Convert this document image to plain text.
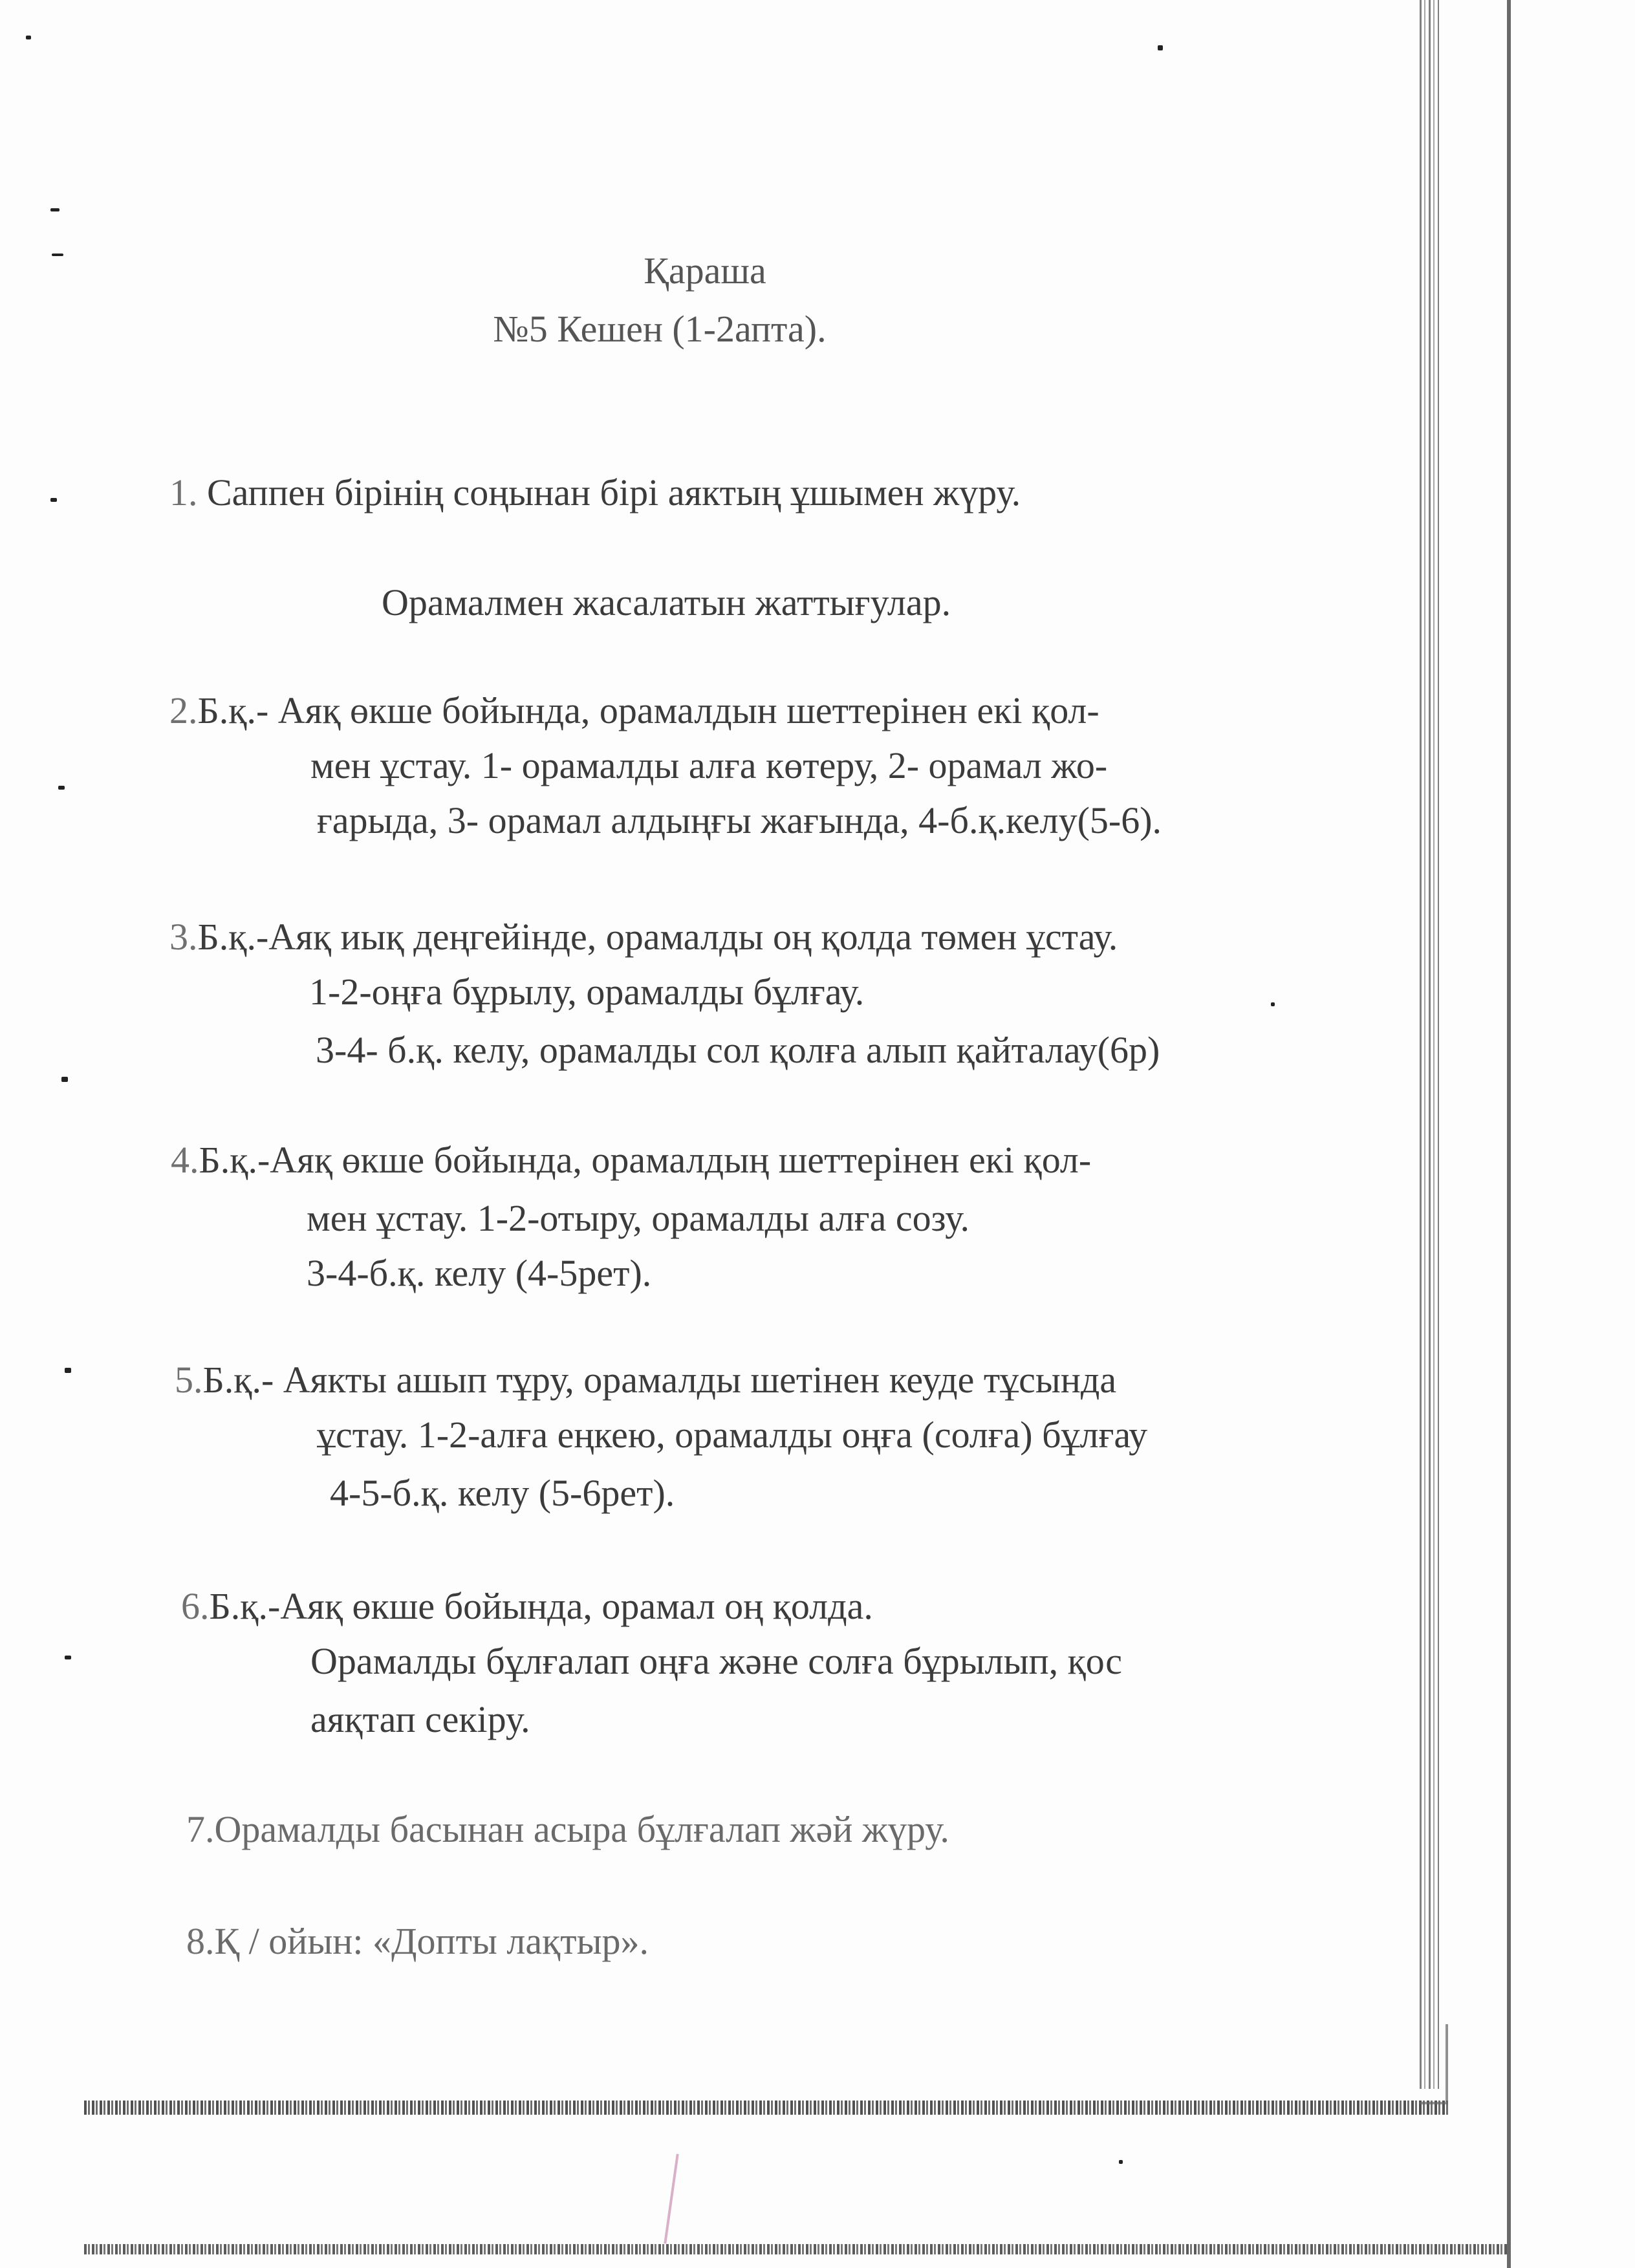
Қараша
№5 Кешен (1-2апта).

1. Саппен бірінің соңынан бірі аяктың ұшымен жүру.

Орамалмен жасалатын жаттығулар.

2.Б.қ.- Аяқ өкше бойында, орамалдын шеттерінен екі қол-

мен ұстау. 1- орамалды алға көтеру, 2- орамал жо-

ғарыда, 3- орамал алдыңғы жағында, 4-б.қ.келу(5-6).

3.Б.қ.-Аяқ иық деңгейінде, орамалды оң қолда төмен ұстау.

1-2-оңға бұрылу, орамалды бұлғау.

3-4- б.қ. келу, орамалды сол қолға алып қайталау(6р)

4.Б.қ.-Аяқ өкше бойында, орамалдың шеттерінен екі қол-

мен ұстау. 1-2-отыру, орамалды алға созу.

3-4-б.қ. келу (4-5рет).

5.Б.қ.- Аякты ашып тұру, орамалды шетінен кеуде тұсында

ұстау. 1-2-алға еңкею, орамалды оңға (солға) бұлғау

4-5-б.қ. келу (5-6рет).

6.Б.қ.-Аяқ өкше бойында, орамал оң қолда.

Орамалды бұлғалап оңға және солға бұрылып, қос

аяқтап секіру.

7.Орамалды басынан асыра бұлғалап жәй жүру.

8.Қ / ойын: «Допты лақтыр».
